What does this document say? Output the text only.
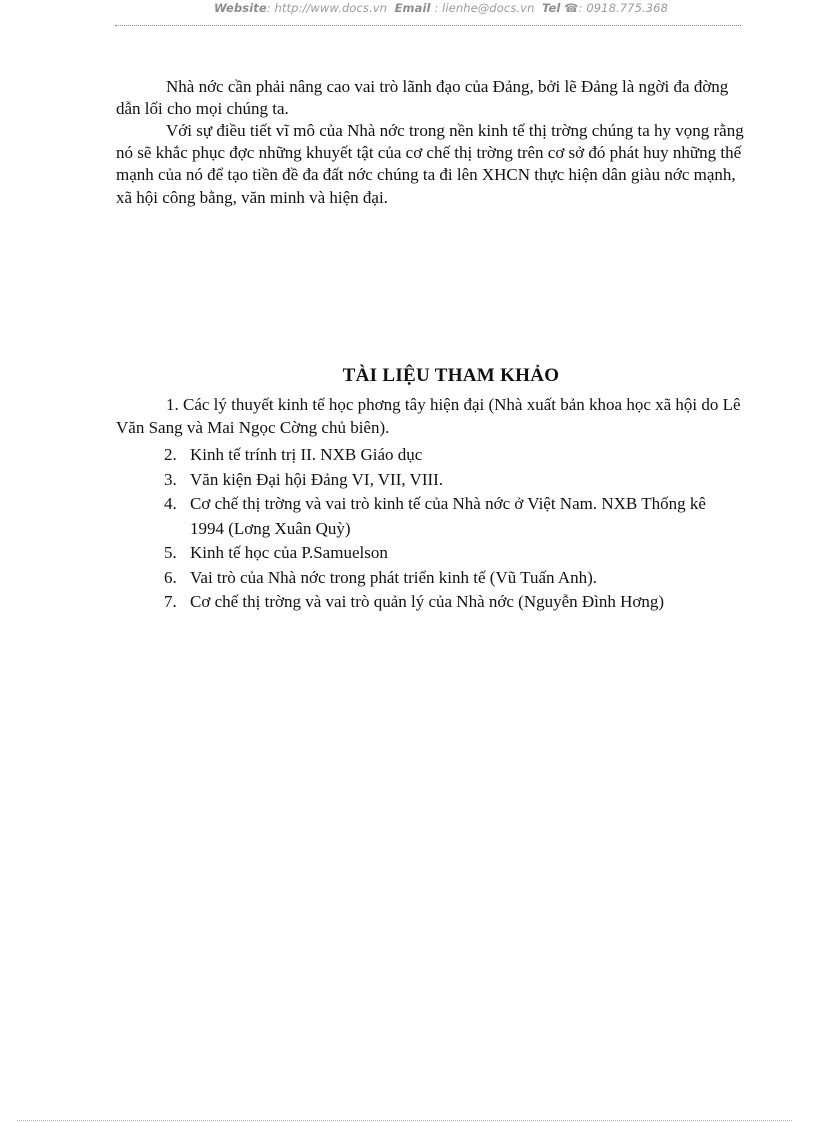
Website: http://www.docs.vn Email : lienhe@docs.vn Tel ☎: 0918.775.368
Nhà nớc cần phải nâng cao vai trò lãnh đạo của Đảng, bởi lẽ Đảng là ngời đa đờng dẫn lối cho mọi chúng ta.
Với sự điều tiết vĩ mô của Nhà nớc trong nền kinh tế thị trờng chúng ta hy vọng rằng nó sẽ khắc phục đợc những khuyết tật của cơ chế thị trờng trên cơ sở đó phát huy những thế mạnh của nó để tạo tiền đề đa đất nớc chúng ta đi lên XHCN thực hiện dân giàu nớc mạnh, xã hội công bằng, văn minh và hiện đại.
TÀI LIỆU THAM KHẢO
1. Các lý thuyết kinh tế học phơng tây hiện đại (Nhà xuất bản khoa học xã hội do Lê Văn Sang và Mai Ngọc Cờng chủ biên).
2. Kinh tế trính trị II. NXB Giáo dục
3. Văn kiện Đại hội Đảng VI, VII, VIII.
4. Cơ chế thị trờng và vai trò kinh tế của Nhà nớc ở Việt Nam. NXB Thống kê 1994 (Lơng Xuân Quỳ)
5. Kinh tế học của P.Samuelson
6. Vai trò của Nhà nớc trong phát triển kinh tế (Vũ Tuấn Anh).
7. Cơ chế thị trờng và vai trò quản lý của Nhà nớc (Nguyễn Đình Hơng)
